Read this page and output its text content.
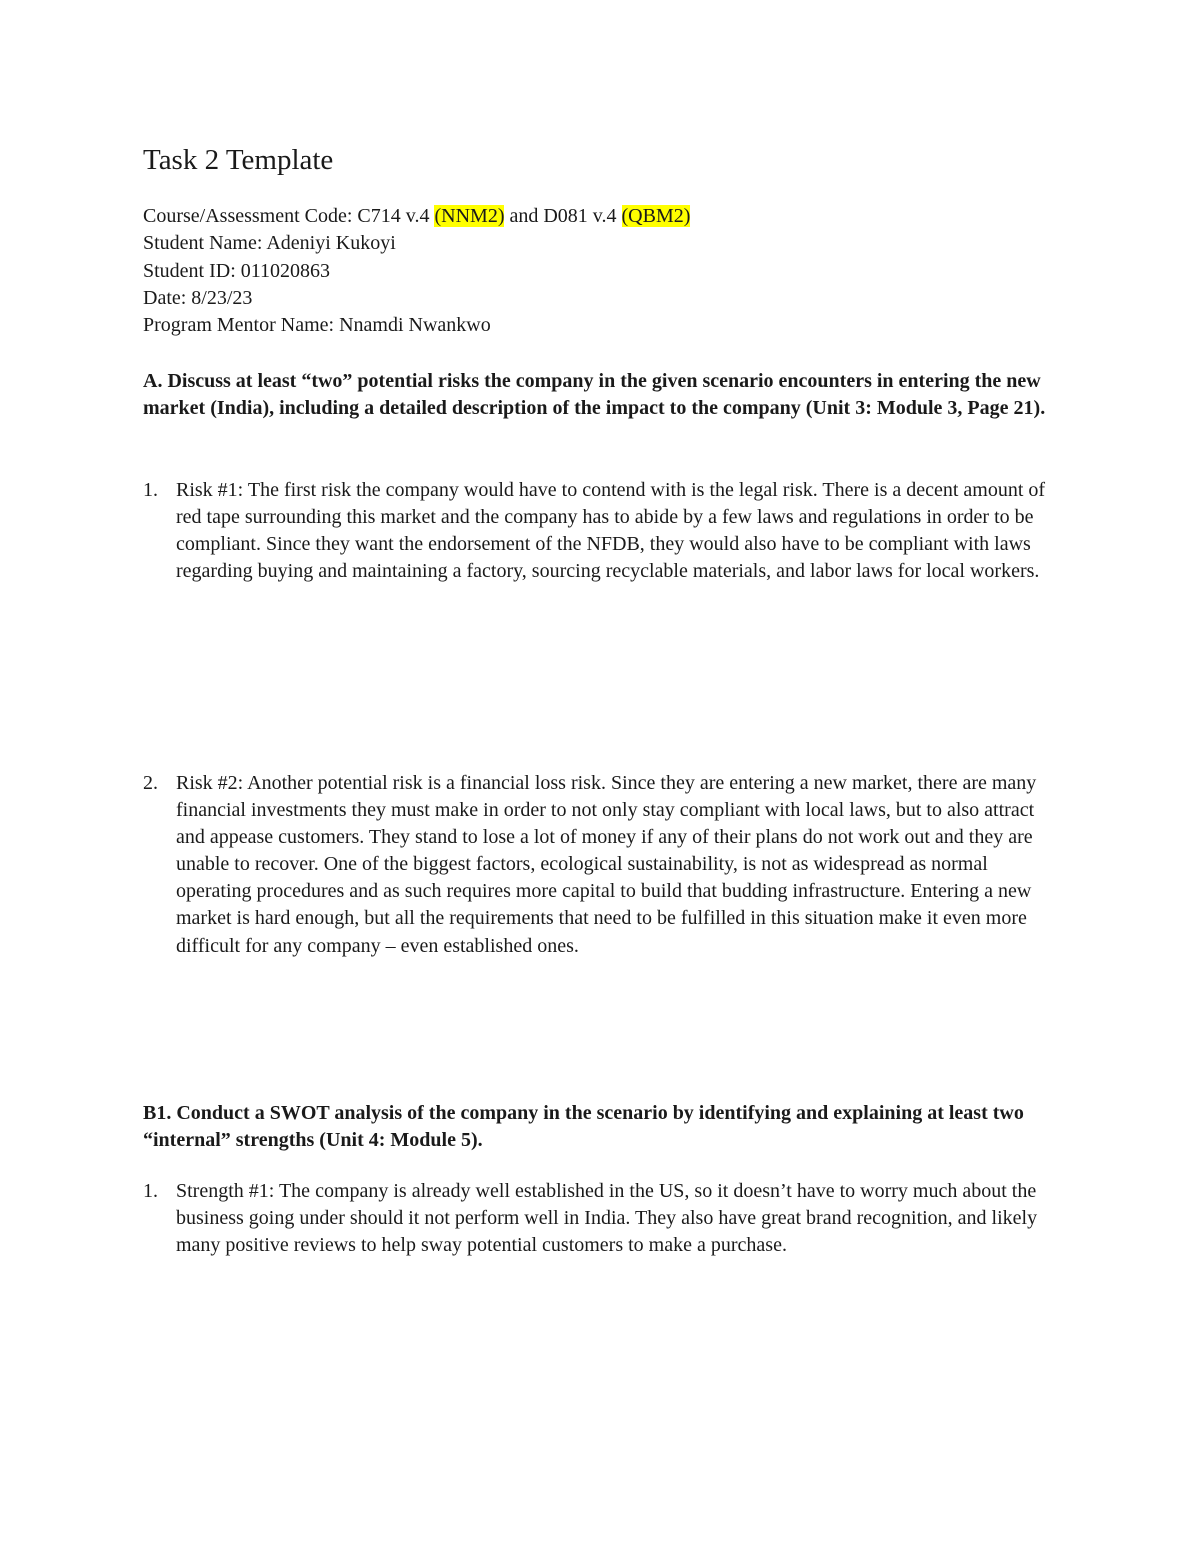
Task 2 Template
Course/Assessment Code: C714 v.4 (NNM2) and D081 v.4 (QBM2)
Student Name: Adeniyi Kukoyi
Student ID: 011020863
Date: 8/23/23
Program Mentor Name: Nnamdi Nwankwo

A. Discuss at least “two” potential risks the company in the given scenario encounters in entering the new market (India), including a detailed description of the impact to the company (Unit 3: Module 3, Page 21).

1. Risk #1: The first risk the company would have to contend with is the legal risk. There is a decent amount of red tape surrounding this market and the company has to abide by a few laws and regulations in order to be compliant. Since they want the endorsement of the NFDB, they would also have to be compliant with laws regarding buying and maintaining a factory, sourcing recyclable materials, and labor laws for local workers.
2. Risk #2: Another potential risk is a financial loss risk. Since they are entering a new market, there are many financial investments they must make in order to not only stay compliant with local laws, but to also attract and appease customers. They stand to lose a lot of money if any of their plans do not work out and they are unable to recover. One of the biggest factors, ecological sustainability, is not as widespread as normal operating procedures and as such requires more capital to build that budding infrastructure. Entering a new market is hard enough, but all the requirements that need to be fulfilled in this situation make it even more difficult for any company – even established ones.

B1. Conduct a SWOT analysis of the company in the scenario by identifying and explaining at least two “internal” strengths (Unit 4: Module 5).

1. Strength #1: The company is already well established in the US, so it doesn’t have to worry much about the business going under should it not perform well in India. They also have great brand recognition, and likely many positive reviews to help sway potential customers to make a purchase.
